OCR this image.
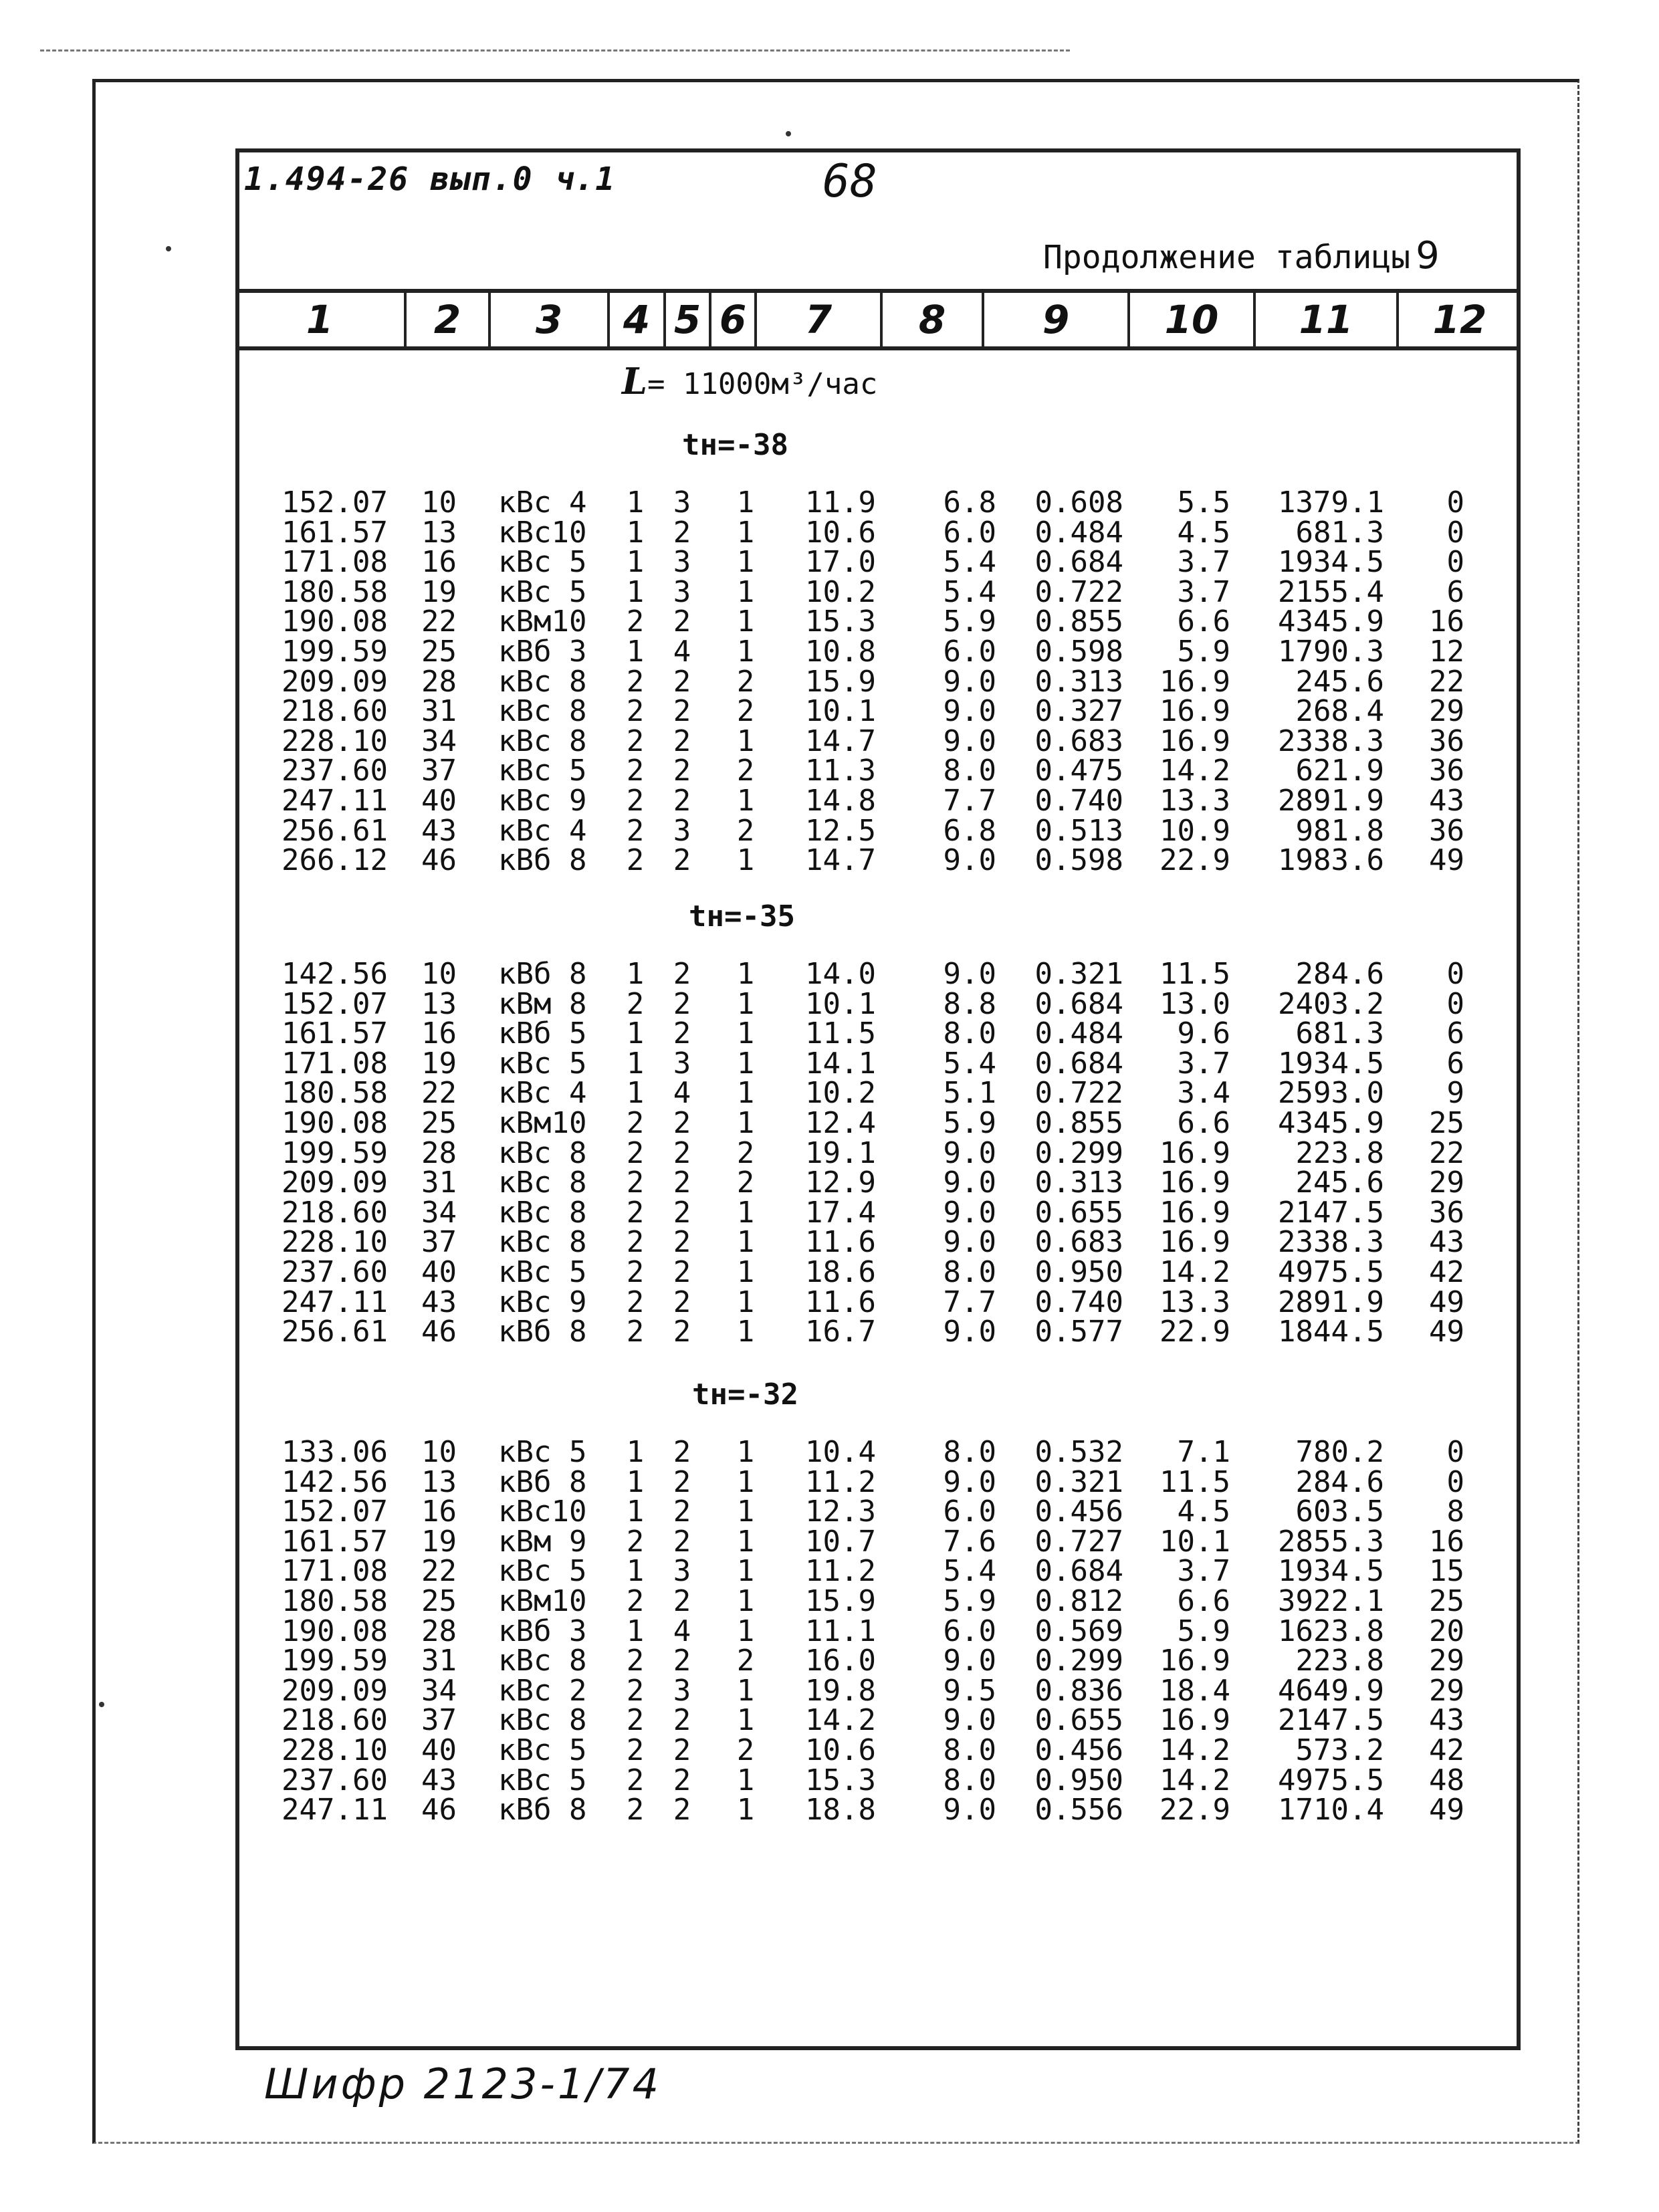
1.494-26 вып.0 ч.1	68
Продолжение таблицы 9
1	2	3	4 5 6	7	8	9	10	11	12
L= 11000м³/час
tн=-38
152.07 10	кВс 4	1 3 1	11.9	6.8	0.608	5.5	1379.1	0
161.57 13	кВс10	1 2 1	10.6	6.0	0.484	4.5	681.3	0
171.08 16	кВс 5	1 3 1	17.0	5.4	0.684	3.7	1934.5	0
180.58 19	кВс 5	1 3 1	10.2	5.4	0.722	3.7	2155.4	6
190.08 22	кВм10	2 2 1	15.3	5.9	0.855	6.6	4345.9	16
199.59 25	кВб 3	1 4 1	10.8	6.0	0.598	5.9	1790.3	12
209.09 28	кВс 8	2 2 2	15.9	9.0	0.313	16.9	245.6	22
218.60 31	кВс 8	2 2 2	10.1	9.0	0.327	16.9	268.4	29
228.10 34	кВс 8	2 2 1	14.7	9.0	0.683	16.9	2338.3	36
237.60 37	кВс 5	2 2 2	11.3	8.0	0.475	14.2	621.9	36
247.11 40	кВс 9	2 2 1	14.8	7.7	0.740	13.3	2891.9	43
256.61 43	кВс 4	2 3 2	12.5	6.8	0.513	10.9	981.8	36
266.12 46	кВб 8	2 2 1	14.7	9.0	0.598	22.9	1983.6	49
tн=-35
142.56 10	кВб 8	1 2 1	14.0	9.0	0.321	11.5	284.6	0
152.07 13	кВм 8	2 2 1	10.1	8.8	0.684	13.0	2403.2	0
161.57 16	кВб 5	1 2 1	11.5	8.0	0.484	9.6	681.3	6
171.08 19	кВс 5	1 3 1	14.1	5.4	0.684	3.7	1934.5	6
180.58 22	кВс 4	1 4 1	10.2	5.1	0.722	3.4	2593.0	9
190.08 25	кВм10	2 2 1	12.4	5.9	0.855	6.6	4345.9	25
199.59 28	кВс 8	2 2 2	19.1	9.0	0.299	16.9	223.8	22
209.09 31	кВс 8	2 2 2	12.9	9.0	0.313	16.9	245.6	29
218.60 34	кВс 8	2 2 1	17.4	9.0	0.655	16.9	2147.5	36
228.10 37	кВс 8	2 2 1	11.6	9.0	0.683	16.9	2338.3	43
237.60 40	кВс 5	2 2 1	18.6	8.0	0.950	14.2	4975.5	42
247.11 43	кВс 9	2 2 1	11.6	7.7	0.740	13.3	2891.9	49
256.61 46	кВб 8	2 2 1	16.7	9.0	0.577	22.9	1844.5	49
tн=-32
133.06 10	кВс 5	1 2 1	10.4	8.0	0.532	7.1	780.2	0
142.56 13	кВб 8	1 2 1	11.2	9.0	0.321	11.5	284.6	0
152.07 16	кВс10	1 2 1	12.3	6.0	0.456	4.5	603.5	8
161.57 19	кВм 9	2 2 1	10.7	7.6	0.727	10.1	2855.3	16
171.08 22	кВс 5	1 3 1	11.2	5.4	0.684	3.7	1934.5	15
180.58 25	кВм10	2 2 1	15.9	5.9	0.812	6.6	3922.1	25
190.08 28	кВб 3	1 4 1	11.1	6.0	0.569	5.9	1623.8	20
199.59 31	кВс 8	2 2 2	16.0	9.0	0.299	16.9	223.8	29
209.09 34	кВс 2	2 3 1	19.8	9.5	0.836	18.4	4649.9	29
218.60 37	кВс 8	2 2 1	14.2	9.0	0.655	16.9	2147.5	43
228.10 40	кВс 5	2 2 2	10.6	8.0	0.456	14.2	573.2	42
237.60 43	кВс 5	2 2 1	15.3	8.0	0.950	14.2	4975.5	48
247.11 46	кВб 8	2 2 1	18.8	9.0	0.556	22.9	1710.4	49
Шифр 2123-1/74
